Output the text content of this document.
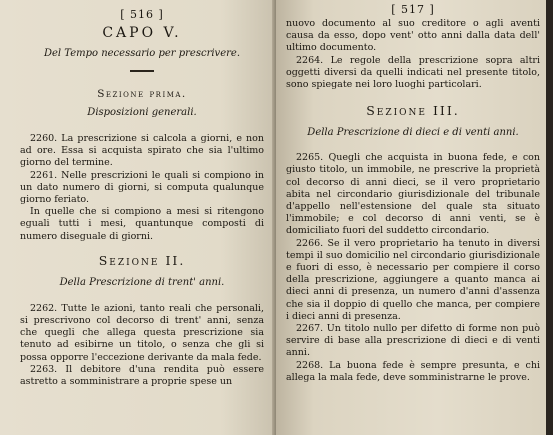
[ 516 ]
CAPO V.
Del Tempo necessario per prescrivere.
Sezione prima.
Disposizioni generali.

2260. La prescrizione si calcola a giorni, e non ad ore. Essa si acquista spirato che sia l'ultimo giorno del termine.

2261. Nelle prescrizioni le quali si compiono in un dato numero di giorni, si computa qualunque giorno feriato.

In quelle che si compiono a mesi si ritengono eguali tutti i mesi, quantunque composti di numero diseguale di giorni.

Sezione II.
Della Prescrizione di trent' anni.

2262. Tutte le azioni, tanto reali che personali, si prescrivono col decorso di trent' anni, senza che quegli che allega questa prescrizione sia tenuto ad esibirne un titolo, o senza che gli si possa opporre l'eccezione derivante da mala fede.

2263. Il debitore d'una rendita può essere astretto a somministrare a proprie spese un

[ 517 ]

nuovo documento al suo creditore o agli aventi causa da esso, dopo vent' otto anni dalla data dell' ultimo documento.

2264. Le regole della prescrizione sopra altri oggetti diversi da quelli indicati nel presente titolo, sono spiegate nei loro luoghi particolari.

Sezione III.
Della Prescrizione di dieci e di venti anni.

2265. Quegli che acquista in buona fede, e con giusto titolo, un immobile, ne prescrive la proprietà col decorso di anni dieci, se il vero proprietario abita nel circondario giurisdizionale del tribunale d'appello nell'estensione del quale sta situato l'immobile; e col decorso di anni venti, se è domiciliato fuori del suddetto circondario.

2266. Se il vero proprietario ha tenuto in diversi tempi il suo domicilio nel circondario giurisdizionale e fuori di esso, è necessario per compiere il corso della prescrizione, aggiungere a quanto manca ai dieci anni di presenza, un numero d'anni d'assenza che sia il doppio di quello che manca, per compiere i dieci anni di presenza.

2267. Un titolo nullo per difetto di forme non può servire di base alla prescrizione di dieci e di venti anni.

2268. La buona fede è sempre presunta, e chi allega la mala fede, deve somministrarne le prove.
